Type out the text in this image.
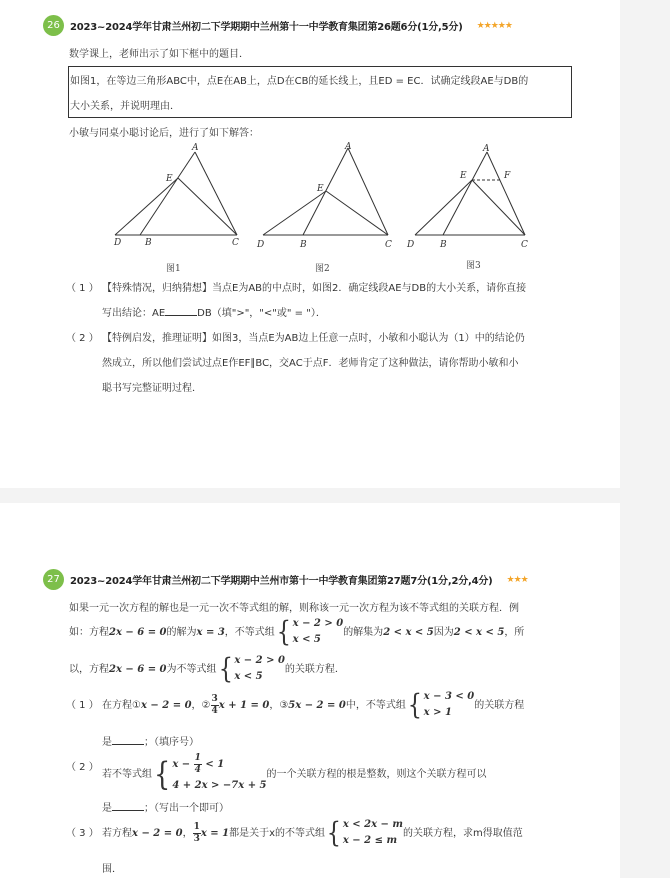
26	2023~2024学年甘肃兰州初二下学期期中兰州第十一中学教育集团第26题6分(1分,5分) ★★★★★
数学课上，老师出示了如下框中的题目．
如图1，在等边三角形ABC中，点E在AB上，点D在CB的延长线上，且ED = EC．试确定线段AE与DB的
大小关系，并说明理由．
小敏与同桌小聪讨论后，进行了如下解答：
A
E
D	B	C
A
E
D	B	C
A
E	F
D	B	C
图1	图2	图3
（ 1 ） 【特殊情况，归纳猜想】当点E为AB的中点时，如图2．确定线段AE与DB的大小关系，请你直接
写出结论：AE	DB（填">"，"<"或" = "）．
（ 2 ） 【特例启发，推理证明】如图3，当点E为AB边上任意一点时，小敏和小聪认为（1）中的结论仍
然成立，所以他们尝试过点E作EF∥BC，交AC于点F．老师肯定了这种做法，请你帮助小敏和小
聪书写完整证明过程．
27	2023~2024学年甘肃兰州初二下学期期中兰州市第十一中学教育集团第27题7分(1分,2分,4分) ★★★
如果一元一次方程的解也是一元一次不等式组的解，则称该一元一次方程为该不等式组的关联方程．例
如：方程2x − 6 = 0的解为x = 3，不等式组{ x − 2 > 0
x < 5的解集为2 < x < 5因为2 < x < 5，所
以，方程2x − 6 = 0为不等式组{ x − 2 > 0
x < 5的关联方程．
（ 1 ） 在方程①x − 2 = 0，② $\frac{3}{4}x + 1 = 0$，③5x − 2 = 0中，不等式组{ x − 3 < 0
x > 1的关联方程
是	；（填序号）
（ 2 ）
若不等式组{ $x - \frac{1}{4} < 1$
4 + 2x > −7x + 5的一个关联方程的根是整数，则这个关联方程可以
是	；（写出一个即可）
（ 3 ） 若方程x − 2 = 0， $\frac{1}{3}x = 1$都是关于x的不等式组{ x < 2x − m
x − 2 ≤ m的关联方程，求m得取值范
围．
